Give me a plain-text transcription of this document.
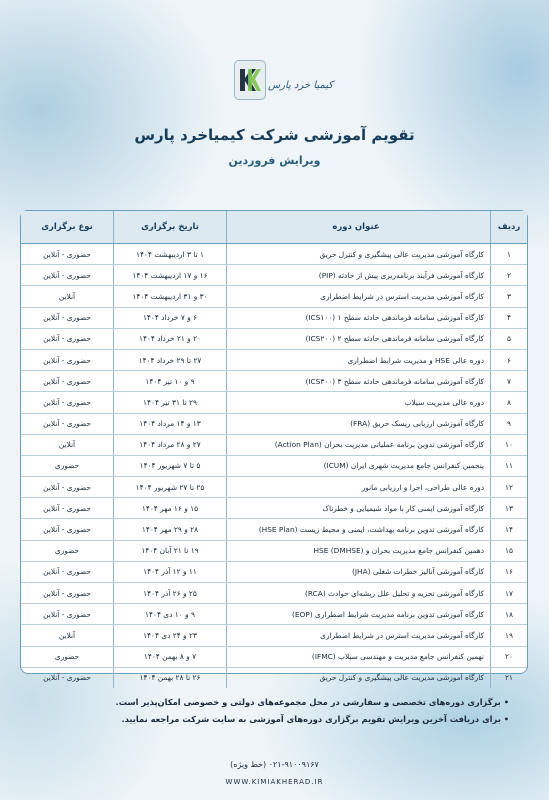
کیمیا خرد پارس
تقویم آموزشی شرکت کیمیاخرد پارس
ویرایش فروردین
ردیف	عنوان دوره	تاریخ برگزاری	نوع برگزاری
۱	کارگاه آموزشی مدیریت عالی پیشگیری و کنترل حریق	۱ تا ۳ اردیبهشت ۱۴۰۴	حضوری - آنلاین
۲	کارگاه آموزشی فرآیند برنامه‌ریزی پیش از حادثه (PIP)	۱۶ و ۱۷ اردیبهشت ۱۴۰۴	حضوری - آنلاین
۳	کارگاه آموزشی مدیریت استرس در شرایط اضطراری	۳۰ و ۳۱ اردیبهشت ۱۴۰۴	آنلاین
۴	کارگاه آموزشی سامانه فرماندهی حادثه سطح ۱ (ICS۱۰۰)	۶ و ۷ خرداد ۱۴۰۴	حضوری - آنلاین
۵	کارگاه آموزشی سامانه فرماندهی حادثه سطح ۲ (ICS۲۰۰)	۲۰ و ۲۱ خرداد ۱۴۰۴	حضوری - آنلاین
۶	دوره عالی HSE و مدیریت شرایط اضطراری	۲۷ تا ۲۹ خرداد ۱۴۰۴	حضوری - آنلاین
۷	کارگاه آموزشی سامانه فرماندهی حادثه سطح ۳ (ICS۳۰۰)	۹ و ۱۰ تیر ۱۴۰۴	حضوری - آنلاین
۸	دوره عالی مدیریت سیلاب	۲۹ تا ۳۱ تیر ۱۴۰۴	حضوری - آنلاین
۹	کارگاه آموزشی ارزیابی ریسک حریق (FRA)	۱۳ و ۱۴ مرداد ۱۴۰۴	حضوری - آنلاین
۱۰	کارگاه آموزشی تدوین برنامه عملیاتی مدیریت بحران (Action Plan)	۲۷ و ۲۸ مرداد ۱۴۰۴	آنلاین
۱۱	پنجمین کنفرانس جامع مدیریت شهری ایران (ICUM)	۵ تا ۷ شهریور ۱۴۰۴	حضوری
۱۲	دوره عالی طراحی، اجرا و ارزیابی مانور	۲۵ تا ۲۷ شهریور ۱۴۰۴	حضوری - آنلاین
۱۳	کارگاه آموزشی ایمنی کار با مواد شیمیایی و خطرناک	۱۵ و ۱۶ مهر ۱۴۰۴	حضوری - آنلاین
۱۴	کارگاه آموزشی تدوین برنامه بهداشت، ایمنی و محیط زیست (HSE Plan)	۲۸ و ۲۹ مهر ۱۴۰۴	حضوری - آنلاین
۱۵	دهمین کنفرانس جامع مدیریت بحران و HSE (DMHSE)	۱۹ تا ۲۱ آبان ۱۴۰۴	حضوری
۱۶	کارگاه آموزشی آنالیز خطرات شغلی (JHA)	۱۱ و ۱۲ آذر ۱۴۰۴	حضوری - آنلاین
۱۷	کارگاه آموزشی تجزیه و تحلیل علل ریشه‌ای حوادث (RCA)	۲۵ و ۲۶ آذر ۱۴۰۴	حضوری - آنلاین
۱۸	کارگاه آموزشی تدوین برنامه مدیریت شرایط اضطراری (EOP)	۹ و ۱۰ دی ۱۴۰۴	حضوری - آنلاین
۱۹	کارگاه آموزشی مدیریت استرس در شرایط اضطراری	۲۳ و ۲۴ دی ۱۴۰۴	آنلاین
۲۰	نهمین کنفرانس جامع مدیریت و مهندسی سیلاب (IFMC)	۷ و ۸ بهمن ۱۴۰۴	حضوری
۲۱	کارگاه آموزشی مدیریت عالی پیشگیری و کنترل حریق	۲۶ تا ۲۸ بهمن ۱۴۰۴	حضوری - آنلاین
• برگزاری دوره‌های تخصصی و سفارشی در محل مجموعه‌های دولتی و خصوصی امکان‌پذیر است.
• برای دریافت آخرین ویرایش تقویم برگزاری دوره‌های آموزشی به سایت شرکت مراجعه نمایید.
۰۲۱-۹۱۰۰۹۱۶۷ (خط ویژه)
WWW.KIMIAKHERAD.IR
